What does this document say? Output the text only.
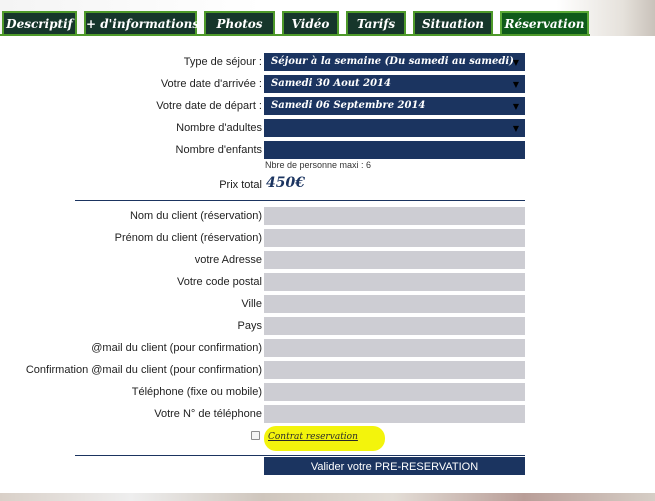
Descriptif	+ d'informations	Photos	Vidéo	Tarifs	Situation	Réservation
Type de séjour : Séjour à la semaine (Du samedi au samedi)
▼
Votre date d'arrivée : Samedi 30 Aout 2014	▼
Votre date de départ : Samedi 06 Septembre 2014	▼
Nombre d'adultes	▼
Nombre d'enfants
Nbre de personne maxi : 6
Prix total 450€
Nom du client (réservation)
Prénom du client (réservation)
votre Adresse
Votre code postal
Ville
Pays
@mail du client (pour confirmation)
Confirmation @mail du client (pour confirmation)
Téléphone (fixe ou mobile)
Votre N° de téléphone
Contrat reservation
Valider votre PRE-RESERVATION
